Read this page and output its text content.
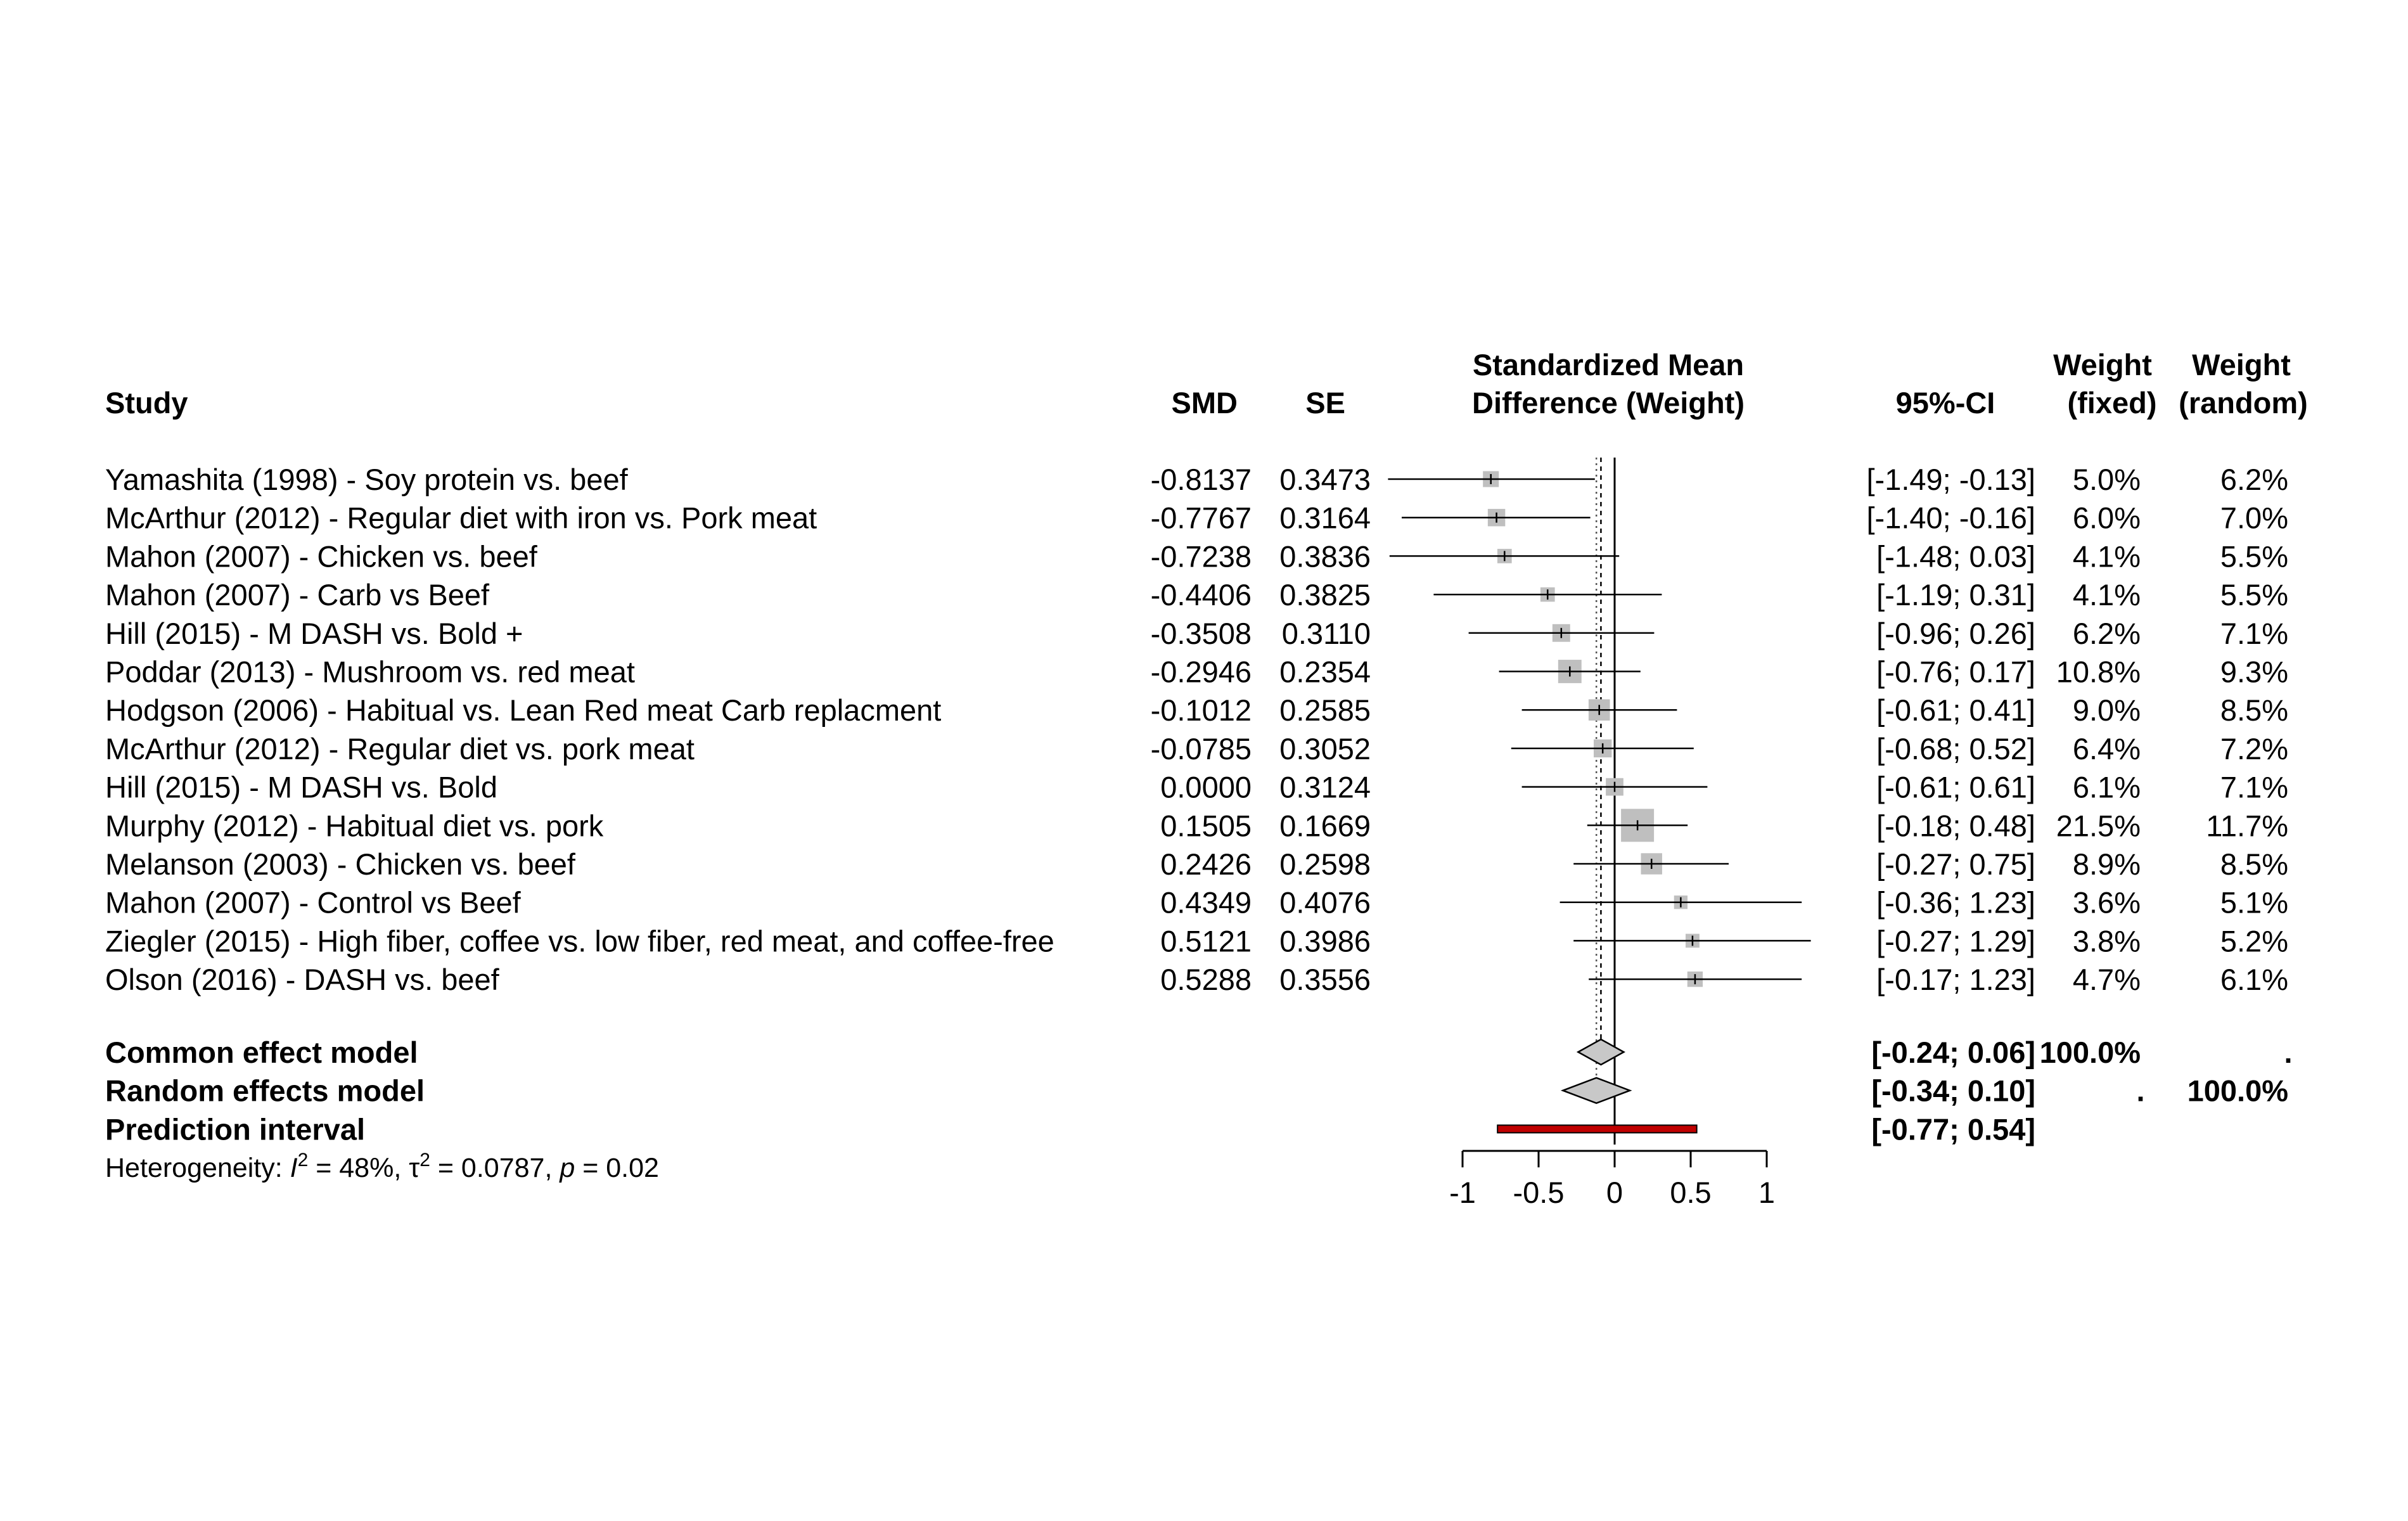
Study	SMD SE
Standardized Mean
Difference (Weight)	95%-CI
Weight
(fixed)
Weight
(random)
Yamashita (1998) - Soy protein vs. beef	-0.8137 0.3473	[-1.49; -0.13] 5.0%	6.2%
McArthur (2012) - Regular diet with iron vs. Pork meat	-0.7767 0.3164	[-1.40; -0.16] 6.0%	7.0%
Mahon (2007) - Chicken vs. beef	-0.7238 0.3836	[-1.48; 0.03] 4.1%	5.5%
Mahon (2007) - Carb vs Beef	-0.4406 0.3825	[-1.19; 0.31] 4.1%	5.5%
Hill (2015) - M DASH vs. Bold +	-0.3508 0.3110	[-0.96; 0.26] 6.2%	7.1%
Poddar (2013) - Mushroom vs. red meat	-0.2946 0.2354	[-0.76; 0.17] 10.8%	9.3%
Hodgson (2006) - Habitual vs. Lean Red meat Carb replacment	-0.1012 0.2585	[-0.61; 0.41] 9.0%	8.5%
McArthur (2012) - Regular diet vs. pork meat	-0.0785 0.3052	[-0.68; 0.52] 6.4%	7.2%
Hill (2015) - M DASH vs. Bold	0.0000 0.3124	[-0.61; 0.61] 6.1%	7.1%
Murphy (2012) - Habitual diet vs. pork	0.1505 0.1669	[-0.18; 0.48] 21.5% 11.7%
Melanson (2003) - Chicken vs. beef	0.2426 0.2598	[-0.27; 0.75] 8.9%	8.5%
Mahon (2007) - Control vs Beef	0.4349 0.4076	[-0.36; 1.23] 3.6%	5.1%
Ziegler (2015) - High fiber, coffee vs. low fiber, red meat, and coffee-free	0.5121 0.3986	[-0.27; 1.29] 3.8%	5.2%
Olson (2016) - DASH vs. beef	0.5288 0.3556	[-0.17; 1.23] 4.7%	6.1%
Common effect model	[-0.24; 0.06] 100.0%	.
Random effects model	[-0.34; 0.10]	. 100.0%
Prediction interval	[-0.77; 0.54]
-1 -0.5 0 0.5 1
Heterogeneity: $I^2 = 48\%$, $\tau^2 = 0.0787$, p = 0.02
